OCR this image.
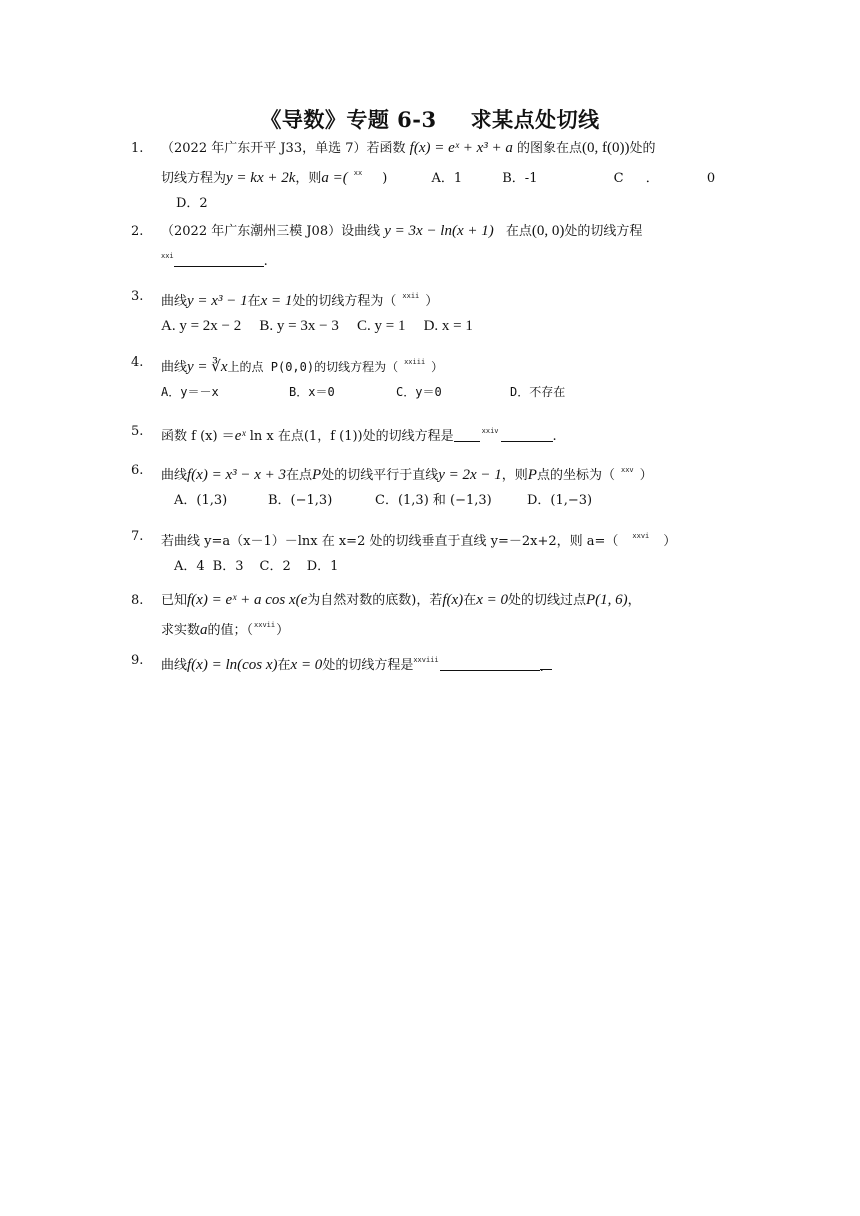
《导数》专题 6-3 求某点处切线
1.	（2022 年广东开平 J33，单选 7）若函数 f(x) = eˣ + x³ + a 的图象在点(0, f(0))处的
切线方程为y = kx + 2k，则a =( $^{xx}$ )	A．1	B．-1	C ．	0
D．2
2.	（2022 年广东潮州三模 J08）设曲线 y = 3x − ln(x + 1) 在点(0, 0)处的切线方程
$^{xxi}$	.
3.	曲线y = x³ − 1在x = 1处的切线方程为（ $^{xxii}$ ）
A. y = 2x − 2 B. y = 3x − 3 C. y = 1 D. x = 1
4.	曲线y = ∛x上的点 P(0,0)的切线方程为（ $^{xxiii}$ ）
A．y＝－x	B．x＝0	C．y＝0	D．不存在
5.	函数 f (x) ＝eˣ ln x 在点(1，f (1))处的切线方程是	$^{xxiv}$	.
6.	曲线f(x) = x³ − x + 3在点P处的切线平行于直线y = 2x − 1，则P点的坐标为（ $^{xxv}$ ）
A．(1,3)	B．(−1,3)	C．(1,3) 和 (−1,3)	D．(1,−3)
7.	若曲线 y=a（x－1）－lnx 在 x=2 处的切线垂直于直线 y=－2x+2，则 a=（ $^{xxvi}$ ）
A．4 B．3 C．2 D．1
8.	已知f(x) = eˣ + a cos x(e为自然对数的底数)，若f(x)在x = 0处的切线过点P(1, 6)，
求实数a的值；（$^{xxvii}$）
9.	曲线f(x) = ln(cos x)在x = 0处的切线方程是$^{xxviii}$	.
